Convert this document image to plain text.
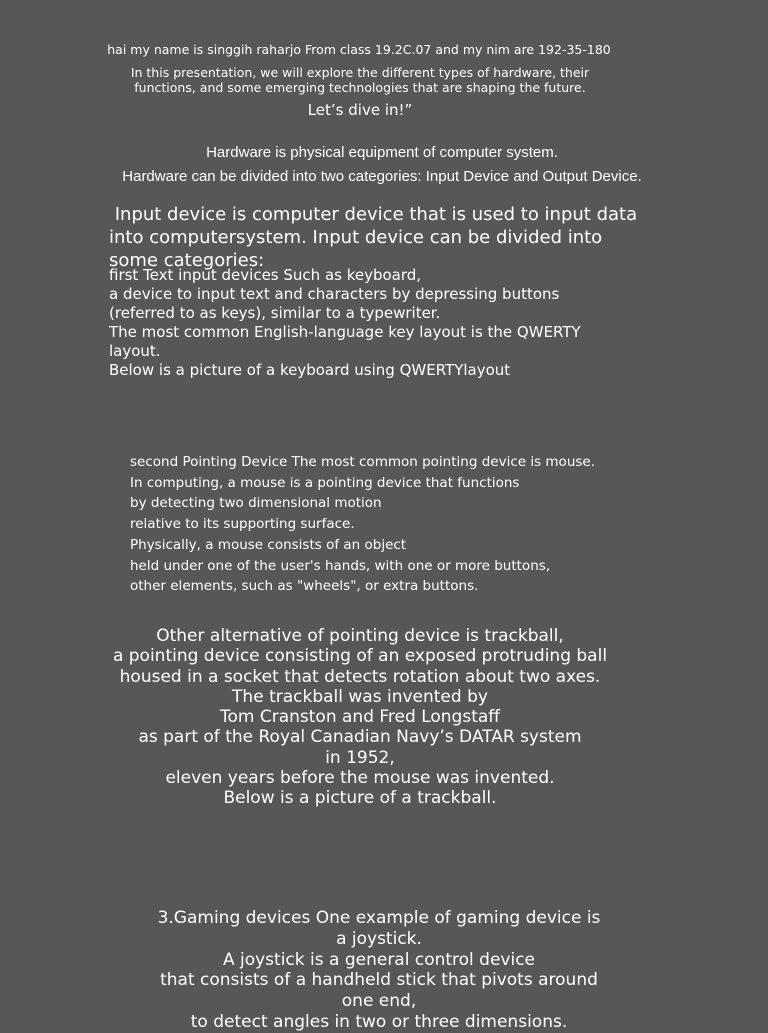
hai my name is singgih raharjo From class 19.2C.07 and my nim are 192-35-180
In this presentation, we will explore the different types of hardware, their
functions, and some emerging technologies that are shaping the future.
Let’s dive in!”
Hardware is physical equipment of computer system.
Hardware can be divided into two categories: Input Device and Output Device.
Input device is computer device that is used to input data
into computersystem. Input device can be divided into
some categories:
first Text input devices Such as keyboard,
a device to input text and characters by depressing buttons
(referred to as keys), similar to a typewriter.
The most common English-language key layout is the QWERTY
layout.
Below is a picture of a keyboard using QWERTYlayout
second Pointing Device The most common pointing device is mouse.
In computing, a mouse is a pointing device that functions
by detecting two dimensional motion
relative to its supporting surface.
Physically, a mouse consists of an object
held under one of the user's hands, with one or more buttons,
other elements, such as "wheels", or extra buttons.
Other alternative of pointing device is trackball,
a pointing device consisting of an exposed protruding ball
housed in a socket that detects rotation about two axes.
The trackball was invented by
Tom Cranston and Fred Longstaff
as part of the Royal Canadian Navy’s DATAR system
in 1952,
eleven years before the mouse was invented.
Below is a picture of a trackball.
3.Gaming devices One example of gaming device is
a joystick.
A joystick is a general control device
that consists of a handheld stick that pivots around
one end,
to detect angles in two or three dimensions.
